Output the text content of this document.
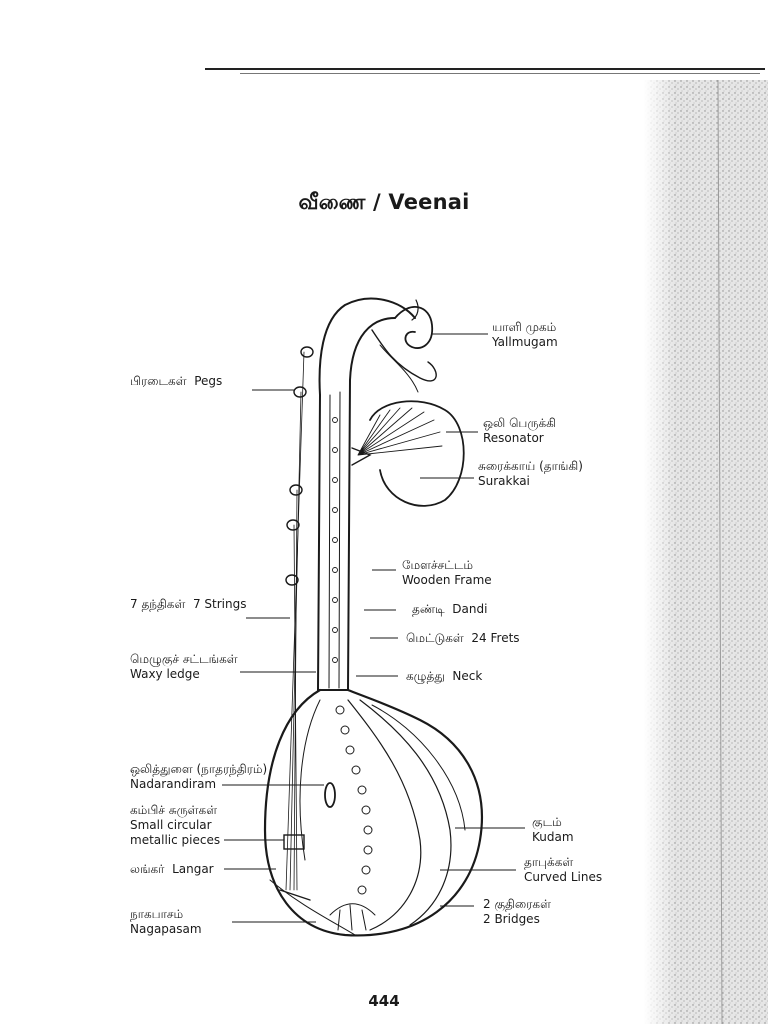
வீணை / Veenai
யாளி முகம்
Yallmugam
ஒலி பெருக்கி
Resonator
சுரைக்காய் (தாங்கி)
Surakkai
மேளச்சட்டம்
Wooden Frame
தண்டி Dandi
மெட்டுகள் 24 Frets
கழுத்து Neck
குடம்
Kudam
தாபுக்கள்
Curved Lines
2 குதிரைகள்
2 Bridges
பிரடைகள் Pegs
7 தந்திகள் 7 Strings
மெழுகுச் சட்டங்கள்
Waxy ledge
ஒலித்துளை (நாதரந்திரம்)
Nadarandiram
கம்பிச் சுருள்கள்
Small circular
metallic pieces
லங்கர் Langar
நாகபாசம்
Nagapasam
444
